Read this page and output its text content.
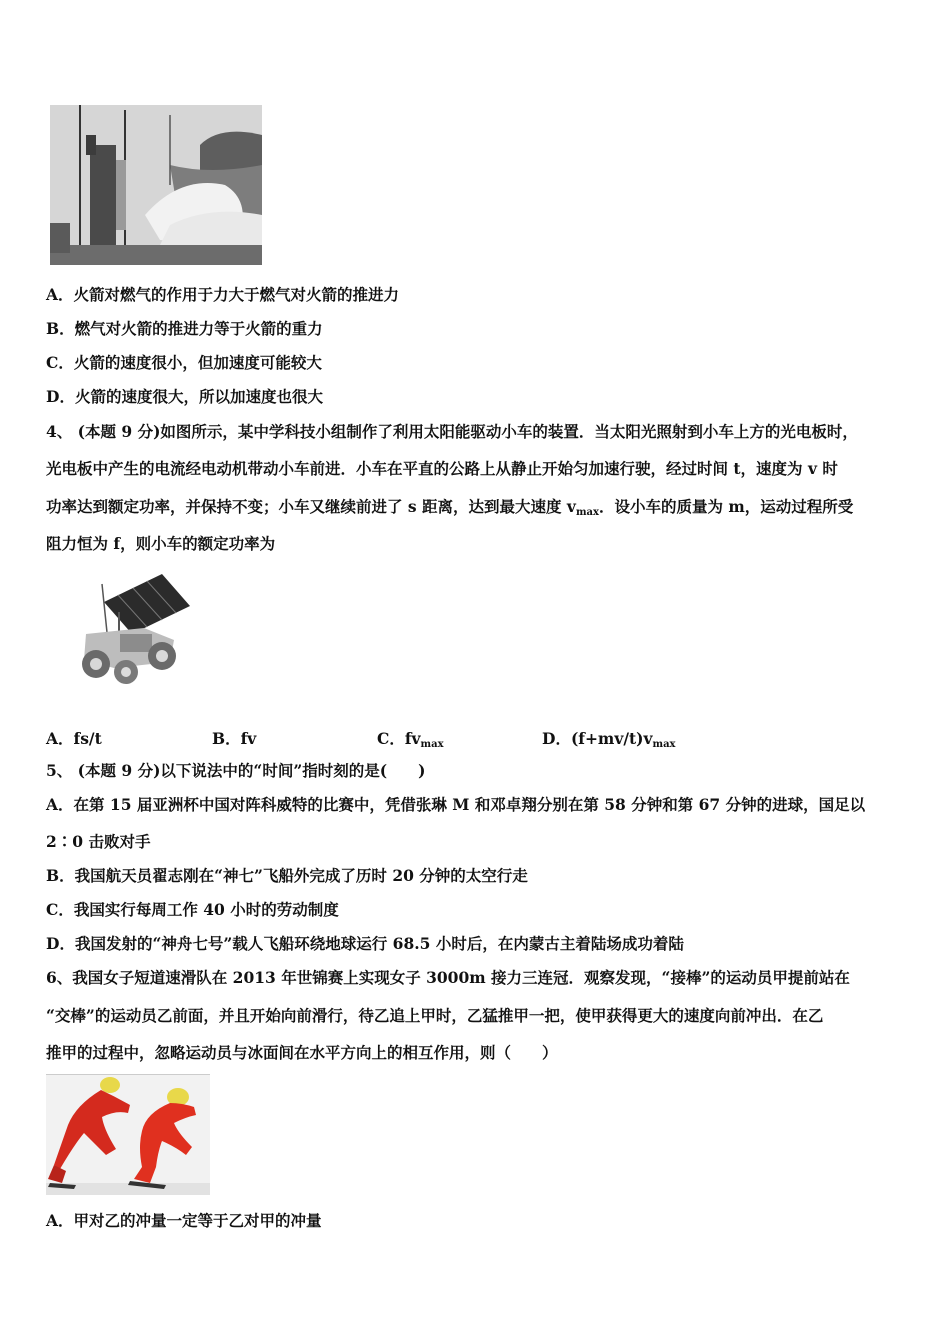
A．火箭对燃气的作用于力大于燃气对火箭的推进力
B．燃气对火箭的推进力等于火箭的重力
C．火箭的速度很小，但加速度可能较大
D．火箭的速度很大，所以加速度也很大
4、 (本题 9 分)如图所示，某中学科技小组制作了利用太阳能驱动小车的装置．当太阳光照射到小车上方的光电板时，
光电板中产生的电流经电动机带动小车前进．小车在平直的公路上从静止开始匀加速行驶，经过时间 t，速度为 v 时
功率达到额定功率，并保持不变；小车又继续前进了 s 距离，达到最大速度 $v_{max}$．设小车的质量为 m，运动过程所受
阻力恒为 f，则小车的额定功率为
A．fs/t	B．fv	C．$fv_{max}$	D．$(f+mv/t)v_{max}$
5、 (本题 9 分)以下说法中的“时间”指时刻的是(　　)
A．在第 15 届亚洲杯中国对阵科威特的比赛中，凭借张琳 M 和邓卓翔分别在第 58 分钟和第 67 分钟的进球，国足以
2∶0 击败对手
B．我国航天员翟志刚在“神七”飞船外完成了历时 20 分钟的太空行走
C．我国实行每周工作 40 小时的劳动制度
D．我国发射的“神舟七号”载人飞船环绕地球运行 68.5 小时后，在内蒙古主着陆场成功着陆
6、我国女子短道速滑队在 2013 年世锦赛上实现女子 3000m 接力三连冠．观察发现，“接棒”的运动员甲提前站在
“交棒”的运动员乙前面，并且开始向前滑行，待乙追上甲时，乙猛推甲一把，使甲获得更大的速度向前冲出．在乙
推甲的过程中，忽略运动员与冰面间在水平方向上的相互作用，则（　　）
A．甲对乙的冲量一定等于乙对甲的冲量
